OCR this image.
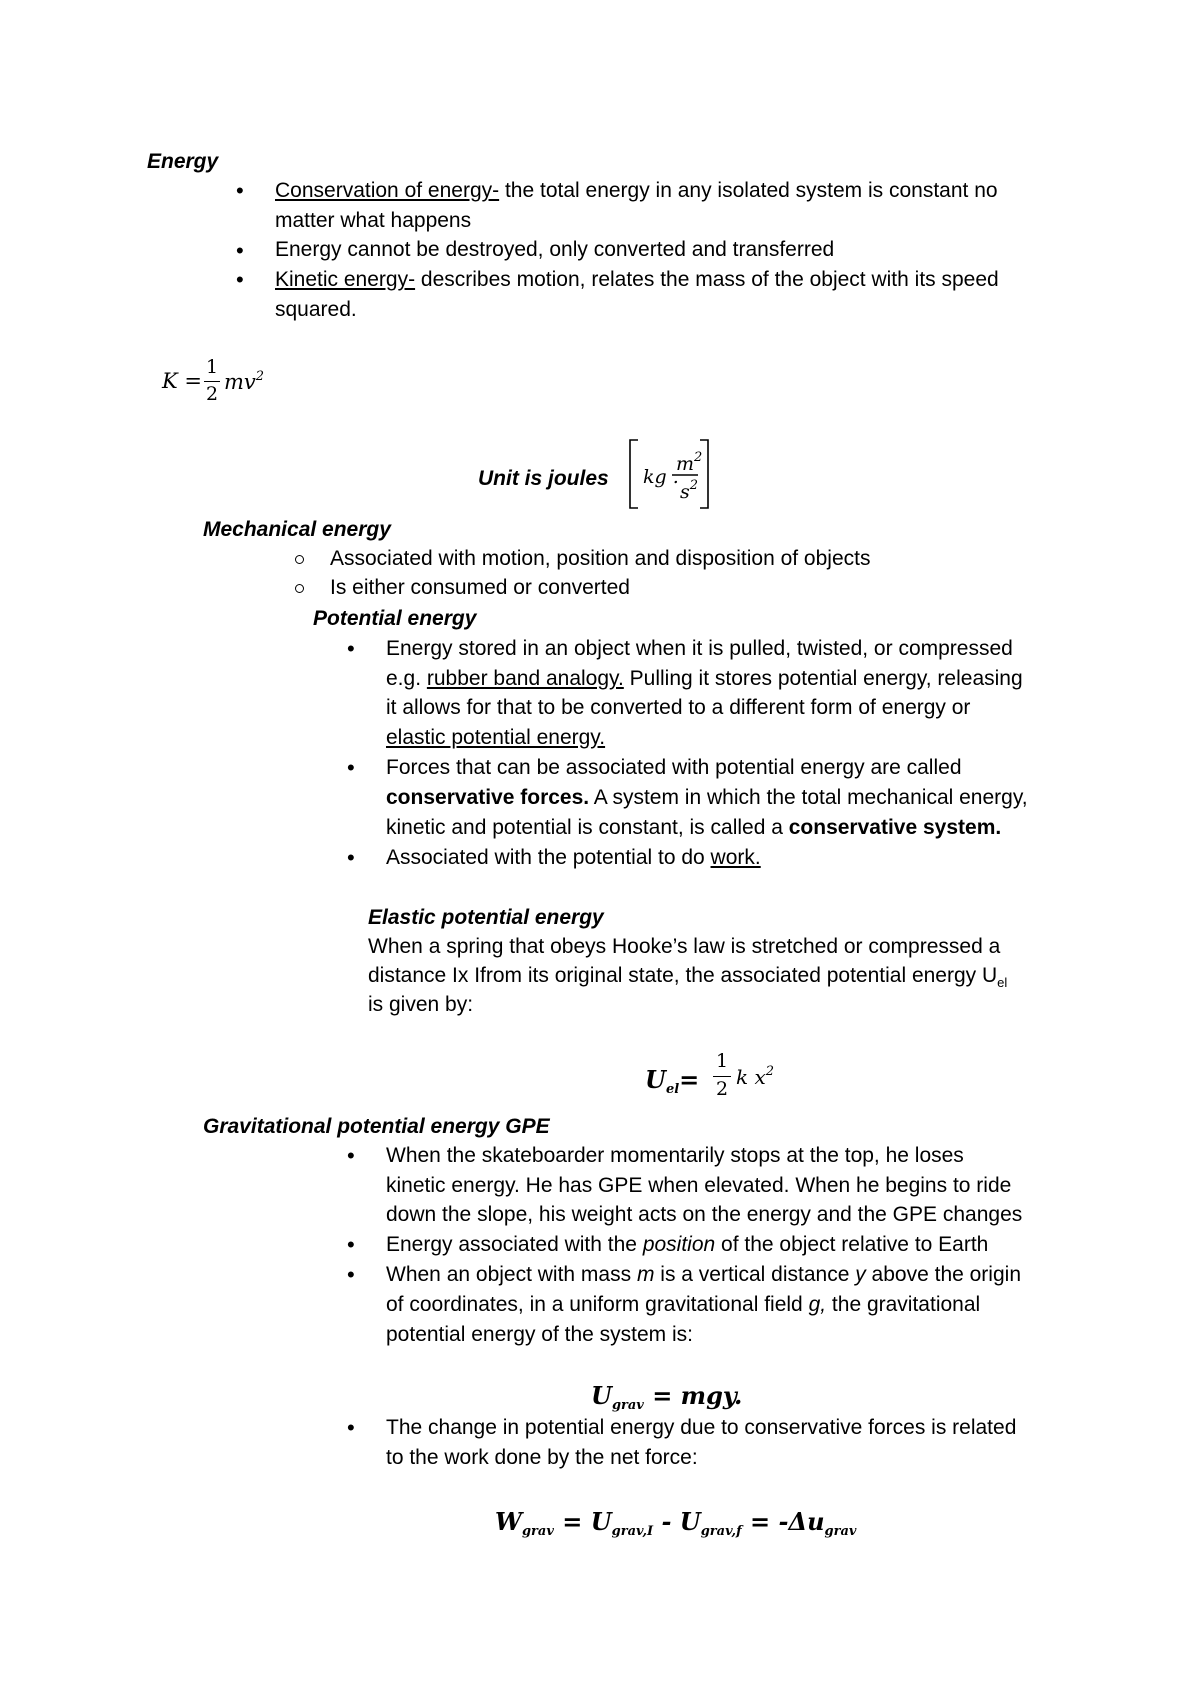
Energy
• Conservation of energy- the total energy in any isolated system is constant no
matter what happens
• Energy cannot be destroyed, only converted and transferred
• Kinetic energy- describes motion, relates the mass of the object with its speed
squared.
K =
1
2 $mv^2$
Unit is joules kg .
$m^2$
$s^2$
Mechanical energy
Associated with motion, position and disposition of objects
Is either consumed or converted
Potential energy
• Energy stored in an object when it is pulled, twisted, or compressed
e.g. rubber band analogy. Pulling it stores potential energy, releasing
it allows for that to be converted to a different form of energy or
elastic potential energy.
• Forces that can be associated with potential energy are called
conservative forces. A system in which the total mechanical energy,
kinetic and potential is constant, is called a conservative system.
• Associated with the potential to do work.
Elastic potential energy
When a spring that obeys Hooke’s law is stretched or compressed a
distance Ix Ifrom its original state, the associated potential energy $U_{el}$
is given by:
$U_{el}=$
1
2 k $x^2$
Gravitational potential energy GPE
• When the skateboarder momentarily stops at the top, he loses
kinetic energy. He has GPE when elevated. When he begins to ride
down the slope, his weight acts on the energy and the GPE changes
• Energy associated with the position of the object relative to Earth
• When an object with mass m is a vertical distance y above the origin
of coordinates, in a uniform gravitational field g, the gravitational
potential energy of the system is:
$U_{grav}$ = mgy.
• The change in potential energy due to conservative forces is related
to the work done by the net force:
$W_{grav} = U_{grav,I} - U_{grav,f} = -\Delta u_{grav}$
